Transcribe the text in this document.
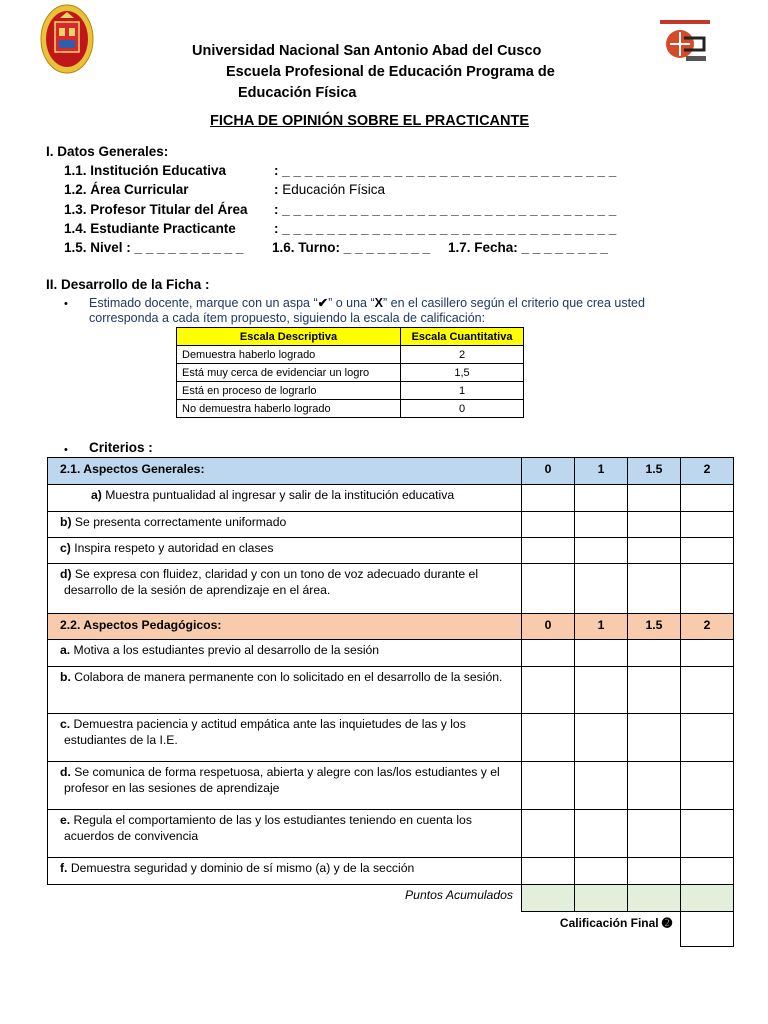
Universidad Nacional San Antonio Abad del Cusco
Escuela Profesional de Educación Programa de
Educación Física
FICHA DE OPINIÓN SOBRE EL PRACTICANTE
I. Datos Generales:
1.1. Institución Educativa	: _ _ _ _ _ _ _ _ _ _ _ _ _ _ _ _ _ _ _ _ _ _ _ _ _ _ _ _ _ _
1.2. Área Curricular	: Educación Física
1.3. Profesor Titular del Área : _ _ _ _ _ _ _ _ _ _ _ _ _ _ _ _ _ _ _ _ _ _ _ _ _ _ _ _ _ _
1.4. Estudiante Practicante	: _ _ _ _ _ _ _ _ _ _ _ _ _ _ _ _ _ _ _ _ _ _ _ _ _ _ _ _ _ _
1.5. Nivel : _ _ _ _ _ _ _ _ _ _ 1.6. Turno: _ _ _ _ _ _ _ _ 1.7. Fecha: _ _ _ _ _ _ _ _
II. Desarrollo de la Ficha :
• Estimado docente, marque con un aspa “✔” o una “X” en el casillero según el criterio que crea usted
corresponda a cada ítem propuesto, siguiendo la escala de calificación:
Escala Descriptiva	Escala Cuantitativa
Demuestra haberlo logrado	2
Está muy cerca de evidenciar un logro	1,5
Está en proceso de lograrlo	1
No demuestra haberlo logrado	0
• Criterios :
2.1. Aspectos Generales:	0	1	1.5	2
a) Muestra puntualidad al ingresar y salir de la institución educativa				
b) Se presenta correctamente uniformado				
c) Inspira respeto y autoridad en clases				
d) Se expresa con fluidez, claridad y con un tono de voz adecuado durante el desarrollo de la sesión de aprendizaje en el área.				
2.2. Aspectos Pedagógicos:	0	1	1.5	2
a. Motiva a los estudiantes previo al desarrollo de la sesión				
b. Colabora de manera permanente con lo solicitado en el desarrollo de la sesión.				
c. Demuestra paciencia y actitud empática ante las inquietudes de las y los estudiantes de la I.E.				
d. Se comunica de forma respetuosa, abierta y alegre con las/los estudiantes y el profesor en las sesiones de aprendizaje				
e. Regula el comportamiento de las y los estudiantes teniendo en cuenta los acuerdos de convivencia				
f. Demuestra seguridad y dominio de sí mismo (a) y de la sección				
Puntos Acumulados				
Calificación Final ➋				
